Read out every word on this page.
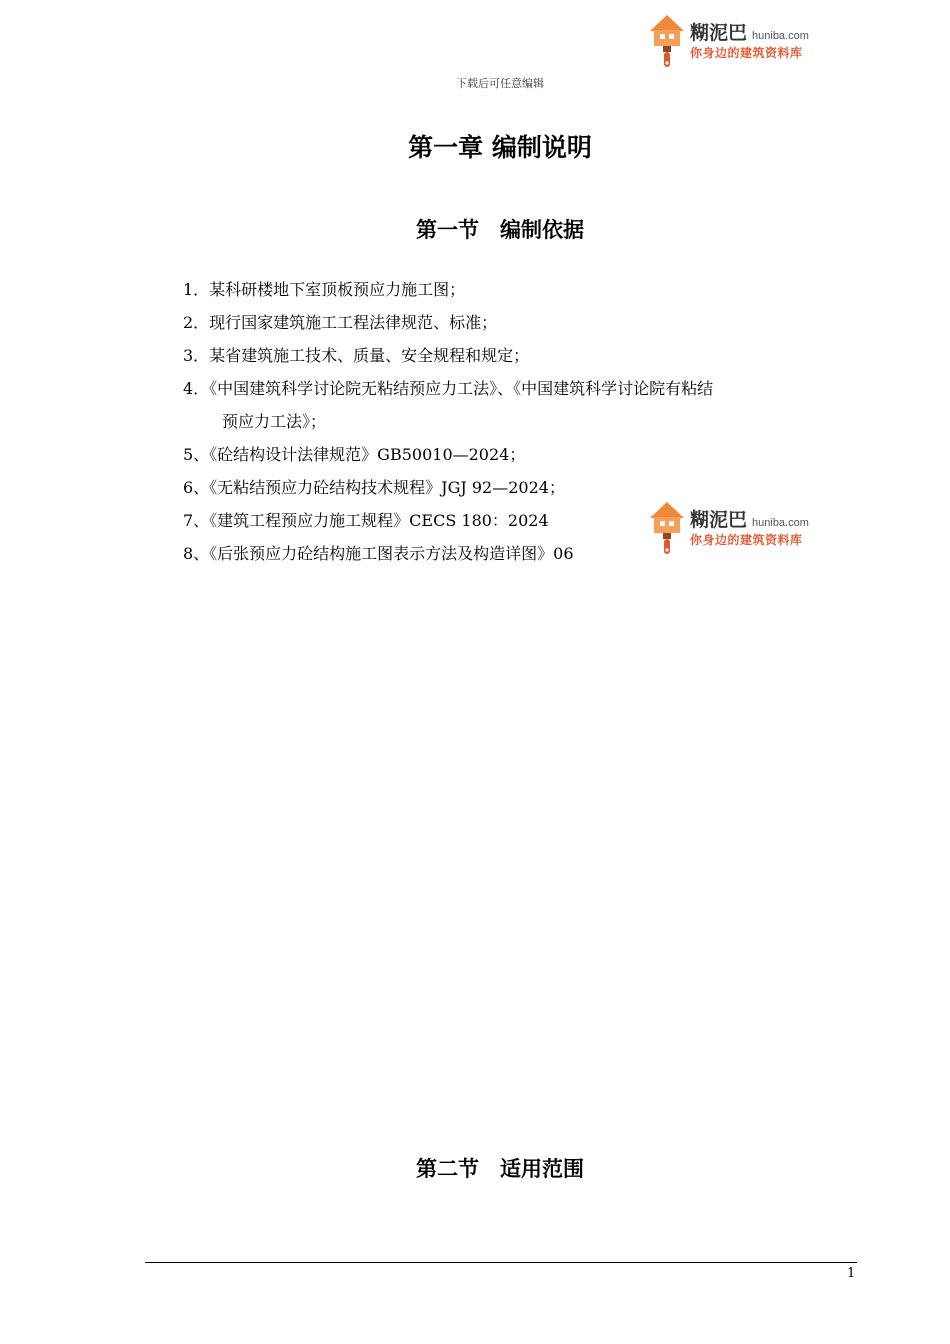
糊泥巴 huniba.com
你身边的建筑资料库
下载后可任意编辑
第一章 编制说明
第一节　编制依据
1．某科研楼地下室顶板预应力施工图；
2．现行国家建筑施工工程法律规范、标准；
3．某省建筑施工技术、质量、安全规程和规定；
4．《中国建筑科学讨论院无粘结预应力工法》、《中国建筑科学讨论院有粘结
预应力工法》；
5、《砼结构设计法律规范》GB50010—2024；
6、《无粘结预应力砼结构技术规程》JGJ 92—2024；
7、《建筑工程预应力施工规程》CECS 180：2024
8、《后张预应力砼结构施工图表示方法及构造详图》06
糊泥巴 huniba.com
你身边的建筑资料库
第二节　适用范围
1
